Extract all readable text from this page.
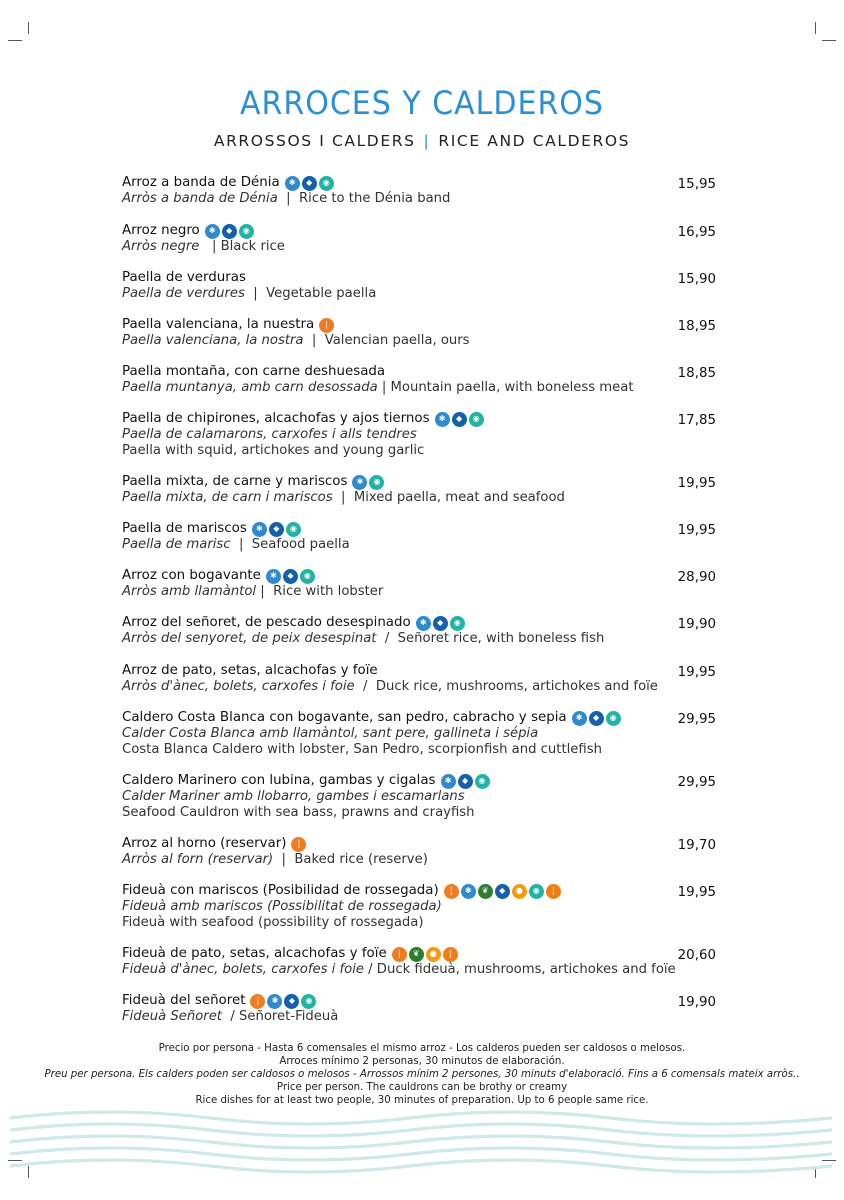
ARROCES Y CALDEROS
ARROSSOS I CALDERS | RICE AND CALDEROS
Arroz a banda de Dénia	✱	◆	◉
Arròs a banda de Dénia  |  Rice to the Dénia band
15,95
Arroz negro	✱	◆	◉
Arròs negre   | Black rice
16,95
Paella de verduras
Paella de verdures  |  Vegetable paella
15,90
Paella valenciana, la nuestra	❘
Paella valenciana, la nostra  |  Valencian paella, ours
18,95
Paella montaña, con carne deshuesada
Paella muntanya, amb carn desossada | Mountain paella, with boneless meat
18,85
Paella de chipirones, alcachofas y ajos tiernos	✱	◆	◉
Paella de calamarons, carxofes i alls tendres
Paella with squid, artichokes and young garlic
17,85
Paella mixta, de carne y mariscos	✱	◉
Paella mixta, de carn i mariscos  |  Mixed paella, meat and seafood
19,95
Paella de mariscos	✱	◆	◉
Paella de marisc  |  Seafood paella
19,95
Arroz con bogavante	✱	◆	◉
Arròs amb llamàntol |  Rice with lobster
28,90
Arroz del señoret, de pescado desespinado	✱	◆	◉
Arròs del senyoret, de peix desespinat  /  Señoret rice, with boneless fish
19,90
Arroz de pato, setas, alcachofas y foïe
Arròs d'ànec, bolets, carxofes i foie  /  Duck rice, mushrooms, artichokes and foïe
19,95
Caldero Costa Blanca con bogavante, san pedro, cabracho y sepia	✱	◆	◉
Calder Costa Blanca amb llamàntol, sant pere, gallineta i sépia
Costa Blanca Caldero with lobster, San Pedro, scorpionfish and cuttlefish
29,95
Caldero Marinero con lubina, gambas y cigalas	✱	◆	◉
Calder Mariner amb llobarro, gambes i escamarlans
Seafood Cauldron with sea bass, prawns and crayfish
29,95
Arroz al horno (reservar)	❘
Arròs al forn (reservar)  |  Baked rice (reserve)
19,70
Fideuà con mariscos (Posibilidad de rossegada)	❘	✱	❦	◆	●	◉	❘
Fideuà amb mariscos (Possibilitat de rossegada)
Fideuà with seafood (possibility of rossegada)
19,95
Fideuà de pato, setas, alcachofas y foïe	❘	❦	●	❘
Fideuà d'ànec, bolets, carxofes i foie / Duck fideuà, mushrooms, artichokes and foïe
20,60
Fideuà del señoret	❘	✱	◆	◉
Fideuà Señoret  / Señoret-Fideuà
19,90
Precio por persona - Hasta 6 comensales el mismo arroz - Los calderos pueden ser caldosos o melosos.
Arroces mínimo 2 personas, 30 minutos de elaboración.
Preu per persona. Els calders poden ser caldosos o melosos - Arrossos mínim 2 persones, 30 minuts d'elaboració. Fins a 6 comensals mateix arròs..
Price per person. The cauldrons can be brothy or creamy
Rice dishes for at least two people, 30 minutes of preparation. Up to 6 people same rice.
